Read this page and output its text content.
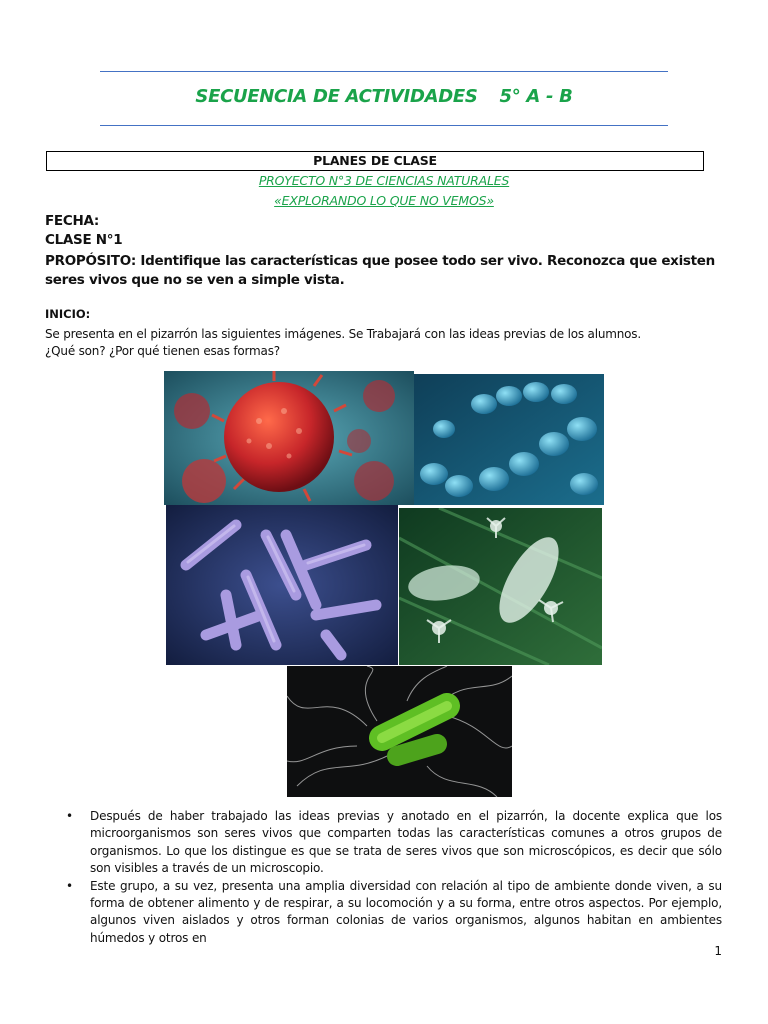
SECUENCIA DE ACTIVIDADES 5° A - B
PLANES DE CLASE
PROYECTO N°3 DE CIENCIAS NATURALES
«EXPLORANDO LO QUE NO VEMOS»
FECHA:
CLASE N°1
PROPÓSITO: Identifique las características que posee todo ser vivo. Reconozca que existen seres vivos que no se ven a simple vista.
INICIO:
Se presenta en el pizarrón las siguientes imágenes. Se Trabajará con las ideas previas de los alumnos.
¿Qué son? ¿Por qué tienen esas formas?
• Después de haber trabajado las ideas previas y anotado en el pizarrón, la docente explica que los microorganismos son seres vivos que comparten todas las características comunes a otros grupos de organismos. Lo que los distingue es que se trata de seres vivos que son microscópicos, es decir que sólo son visibles a través de un microscopio.
• Este grupo, a su vez, presenta una amplia diversidad con relación al tipo de ambiente donde viven, a su forma de obtener alimento y de respirar, a su locomoción y a su forma, entre otros aspectos. Por ejemplo, algunos viven aislados y otros forman colonias de varios organismos, algunos habitan en ambientes húmedos y otros en
1
